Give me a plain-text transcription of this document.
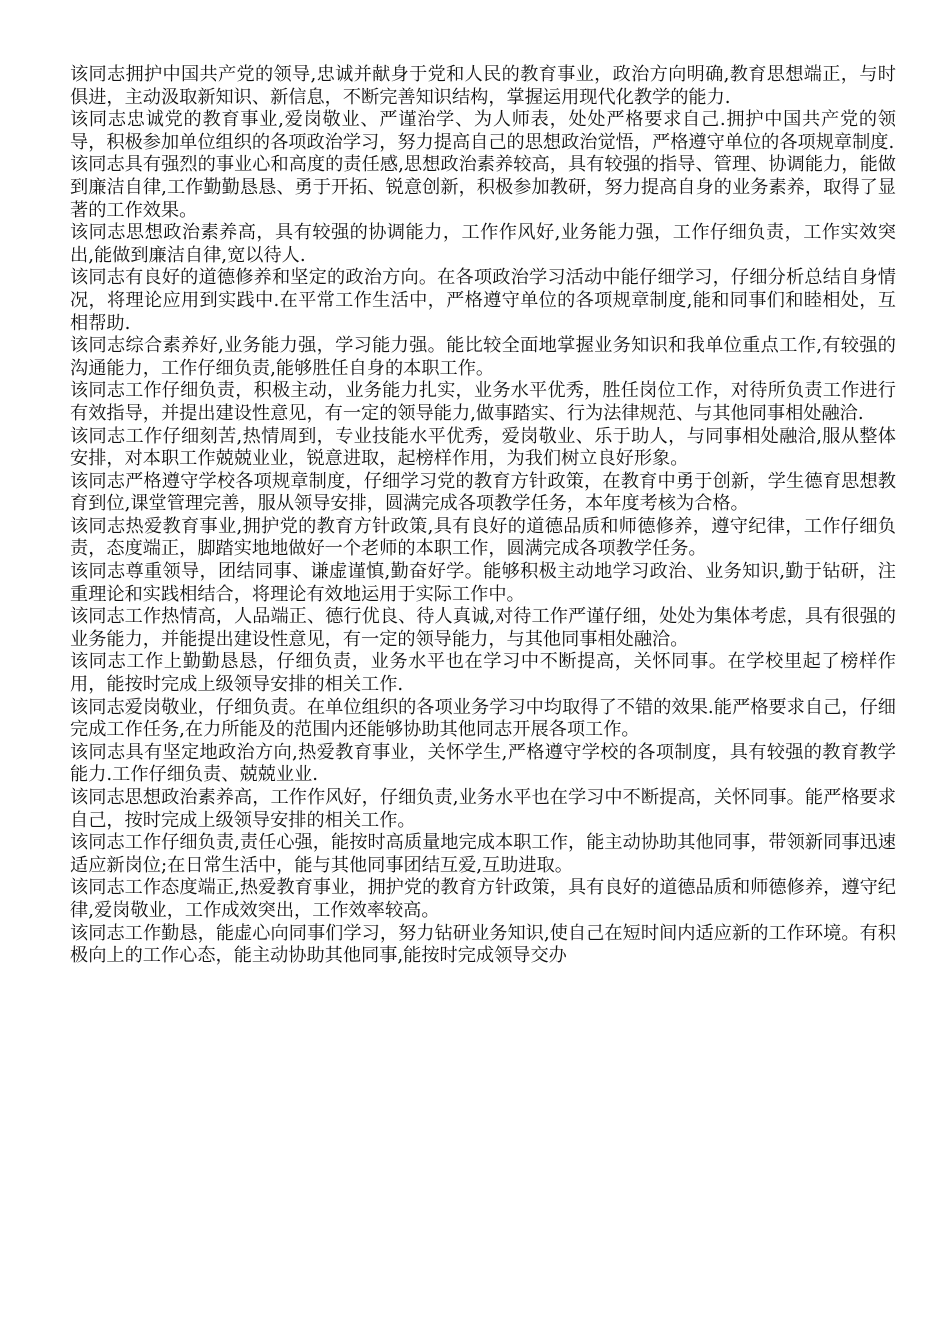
该同志拥护中国共产党的领导,忠诚并献身于党和人民的教育事业，政治方向明确,教育思想端正，与时俱进，主动汲取新知识、新信息，不断完善知识结构，掌握运用现代化教学的能力.

该同志忠诚党的教育事业,爱岗敬业、严谨治学、为人师表，处处严格要求自己.拥护中国共产党的领导，积极参加单位组织的各项政治学习，努力提高自己的思想政治觉悟，严格遵守单位的各项规章制度.

该同志具有强烈的事业心和高度的责任感,思想政治素养较高，具有较强的指导、管理、协调能力，能做到廉洁自律,工作勤勤恳恳、勇于开拓、锐意创新，积极参加教研，努力提高自身的业务素养，取得了显著的工作效果。

该同志思想政治素养高，具有较强的协调能力，工作作风好,业务能力强，工作仔细负责，工作实效突出,能做到廉洁自律,宽以待人.

该同志有良好的道德修养和坚定的政治方向。在各项政治学习活动中能仔细学习，仔细分析总结自身情况，将理论应用到实践中.在平常工作生活中，严格遵守单位的各项规章制度,能和同事们和睦相处，互相帮助.

该同志综合素养好,业务能力强，学习能力强。能比较全面地掌握业务知识和我单位重点工作,有较强的沟通能力，工作仔细负责,能够胜任自身的本职工作。

该同志工作仔细负责，积极主动，业务能力扎实，业务水平优秀，胜任岗位工作，对待所负责工作进行有效指导，并提出建设性意见，有一定的领导能力,做事踏实、行为法律规范、与其他同事相处融洽.

该同志工作仔细刻苦,热情周到，专业技能水平优秀，爱岗敬业、乐于助人，与同事相处融洽,服从整体安排，对本职工作兢兢业业，锐意进取，起榜样作用，为我们树立良好形象。

该同志严格遵守学校各项规章制度，仔细学习党的教育方针政策，在教育中勇于创新，学生德育思想教育到位,课堂管理完善，服从领导安排，圆满完成各项教学任务，本年度考核为合格。

该同志热爱教育事业,拥护党的教育方针政策,具有良好的道德品质和师德修养，遵守纪律，工作仔细负责，态度端正，脚踏实地地做好一个老师的本职工作，圆满完成各项教学任务。

该同志尊重领导，团结同事、谦虚谨慎,勤奋好学。能够积极主动地学习政治、业务知识,勤于钻研，注重理论和实践相结合，将理论有效地运用于实际工作中。

该同志工作热情高，人品端正、德行优良、待人真诚,对待工作严谨仔细，处处为集体考虑，具有很强的业务能力，并能提出建设性意见，有一定的领导能力，与其他同事相处融洽。

该同志工作上勤勤恳恳，仔细负责，业务水平也在学习中不断提高，关怀同事。在学校里起了榜样作用，能按时完成上级领导安排的相关工作.

该同志爱岗敬业，仔细负责。在单位组织的各项业务学习中均取得了不错的效果.能严格要求自己，仔细完成工作任务,在力所能及的范围内还能够协助其他同志开展各项工作。

该同志具有坚定地政治方向,热爱教育事业，关怀学生,严格遵守学校的各项制度，具有较强的教育教学能力.工作仔细负责、兢兢业业.

该同志思想政治素养高，工作作风好，仔细负责,业务水平也在学习中不断提高，关怀同事。能严格要求自己，按时完成上级领导安排的相关工作。

该同志工作仔细负责,责任心强，能按时高质量地完成本职工作，能主动协助其他同事，带领新同事迅速适应新岗位;在日常生活中，能与其他同事团结互爱,互助进取。

该同志工作态度端正,热爱教育事业，拥护党的教育方针政策，具有良好的道德品质和师德修养，遵守纪律,爱岗敬业，工作成效突出，工作效率较高。

该同志工作勤恳，能虚心向同事们学习，努力钻研业务知识,使自己在短时间内适应新的工作环境。有积极向上的工作心态，能主动协助其他同事,能按时完成领导交办
